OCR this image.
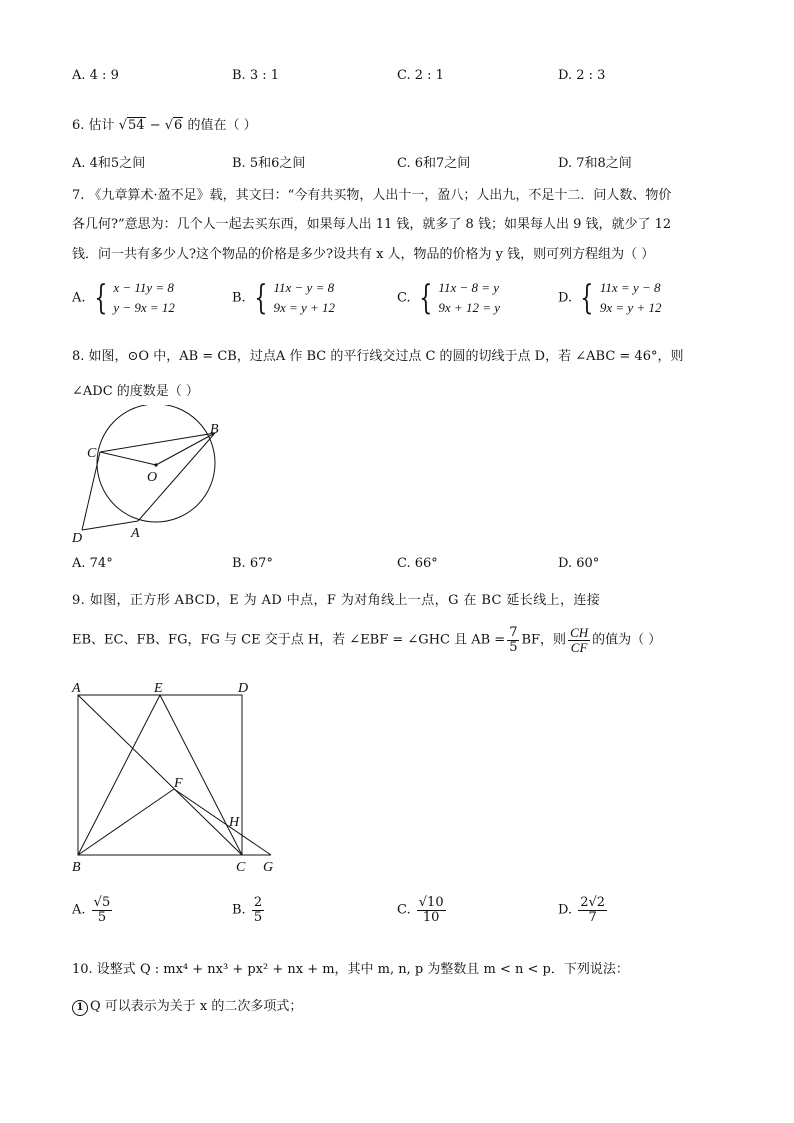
A. 4 : 9	B. 3 : 1	C. 2 : 1	D. 2 : 3
6. 估计 √54 − √6 的值在（ ）
A. 4和5之间	B. 5和6之间	C. 6和7之间	D. 7和8之间
7. 《九章算术·盈不足》载，其文曰：“今有共买物，人出十一，盈八；人出九，不足十二．问人数、物价
各几何?”意思为：几个人一起去买东西，如果每人出 11 钱，就多了 8 钱；如果每人出 9 钱，就少了 12
钱．问一共有多少人?这个物品的价格是多少?设共有 x 人，物品的价格为 y 钱，则可列方程组为（ ）
A. { x − 11y = 8
y − 9x = 12
B. { 11x − y = 8
9x = y + 12
C. { 11x − 8 = y
9x + 12 = y
D. { 11x = y − 8
9x = y + 12
8. 如图，⊙O 中，AB = CB，过点A 作 BC 的平行线交过点 C 的圆的切线于点 D，若 ∠ABC = 46°，则
∠ADC 的度数是（ ）
B
C
O
D	A
A. 74°	B. 67°	C. 66°	D. 60°
9. 如图，正方形 ABCD，E 为 AD 中点，F 为对角线上一点，G 在 BC 延长线上，连接
EB、EC、FB、FG，FG 与 CE 交于点 H，若 ∠EBF = ∠GHC 且 AB = $\frac{7}{5}$ BF，则 $\frac{CH}{CF}$ 的值为（ ）
A	E	D
F
H
B	C G
A. $\frac{√5}{5}$	B. $\frac{2}{5}$	C. $\frac{√10}{10}$	D. $\frac{2√2}{7}$
10. 设整式 Q : mx⁴ + nx³ + px² + nx + m，其中 m, n, p 为整数且 m < n < p．下列说法：
1 Q 可以表示为关于 x 的二次多项式；
